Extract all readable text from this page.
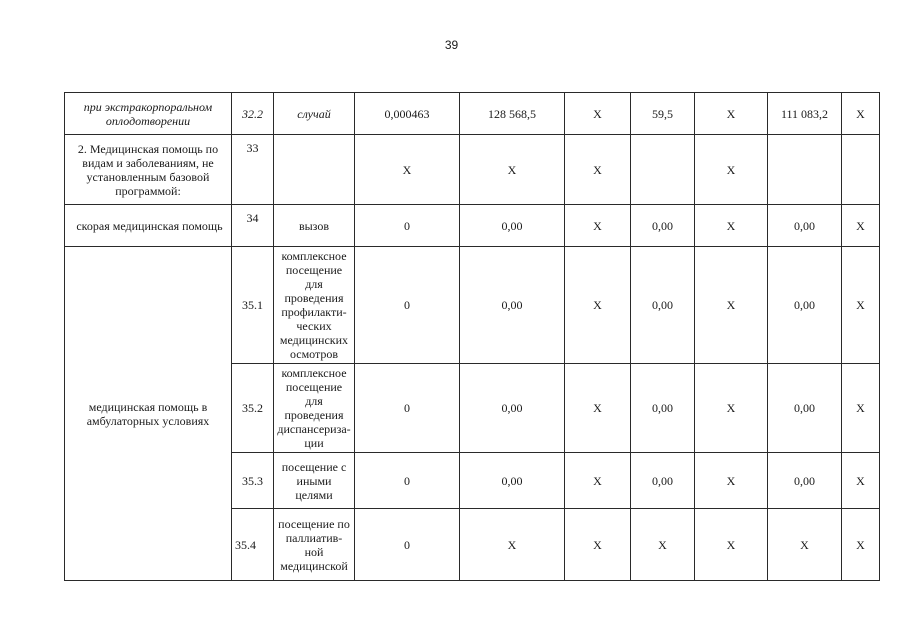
39
при экстракорпоральном оплодотворении	32.2	случай	0,000463	128 568,5	X	59,5	X	111 083,2	X
2. Медицинская помощь по видам и заболеваниям, не установленным базовой программой:	33		X	X	X		X		
скорая медицинская помощь	34	вызов	0	0,00	X	0,00	X	0,00	X
медицинская помощь в амбулаторных условиях	35.1	комплексное посещение для проведения профилакти-ческих медицинских осмотров	0	0,00	X	0,00	X	0,00	X
	35.2	комплексное посещение для проведения диспансериза-ции	0	0,00	X	0,00	X	0,00	X
	35.3	посещение с иными целями	0	0,00	X	0,00	X	0,00	X
	35.4	посещение по паллиатив-ной медицинской	0	X	X	X	X	X	X
